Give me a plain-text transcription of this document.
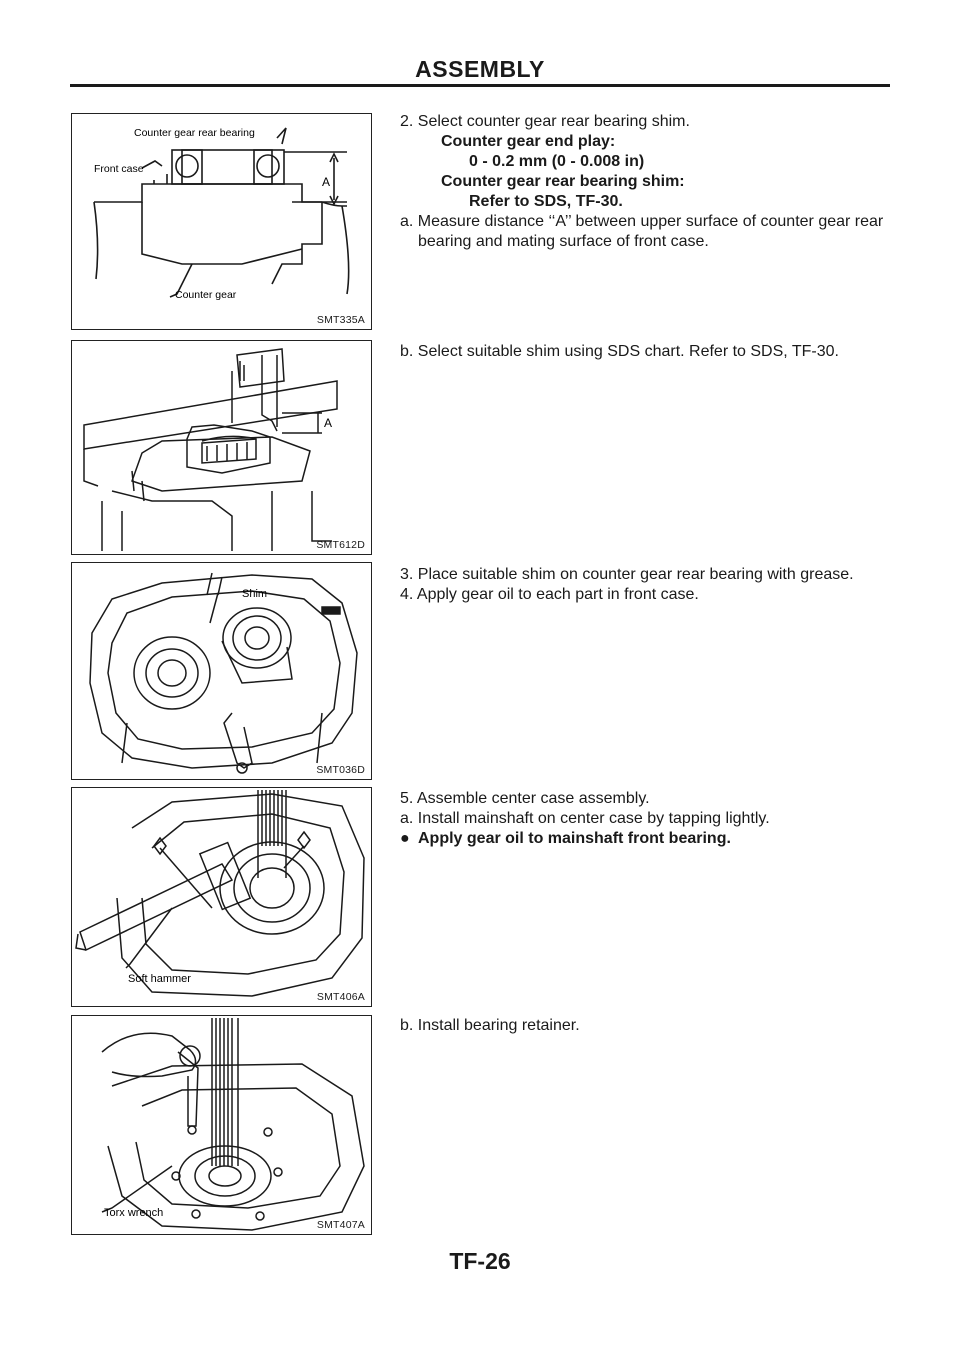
ASSEMBLY
Counter gear rear bearing
Front case
A
Counter gear
SMT335A
A
SMT612D
Shim
SMT036D
Soft hammer
SMT406A
Torx wrench
SMT407A

2. Select counter gear rear bearing shim.

Counter gear end play:

0 - 0.2 mm (0 - 0.008 in)

Counter gear rear bearing shim:

Refer to SDS, TF-30.

a. Measure distance ‘‘A’’ between upper surface of counter gear rear bearing and mating surface of front case.

b. Select suitable shim using SDS chart. Refer to SDS, TF-30.

3. Place suitable shim on counter gear rear bearing with grease.

4. Apply gear oil to each part in front case.

5. Assemble center case assembly.

a. Install mainshaft on center case by tapping lightly.

● Apply gear oil to mainshaft front bearing.

b. Install bearing retainer.

TF-26
